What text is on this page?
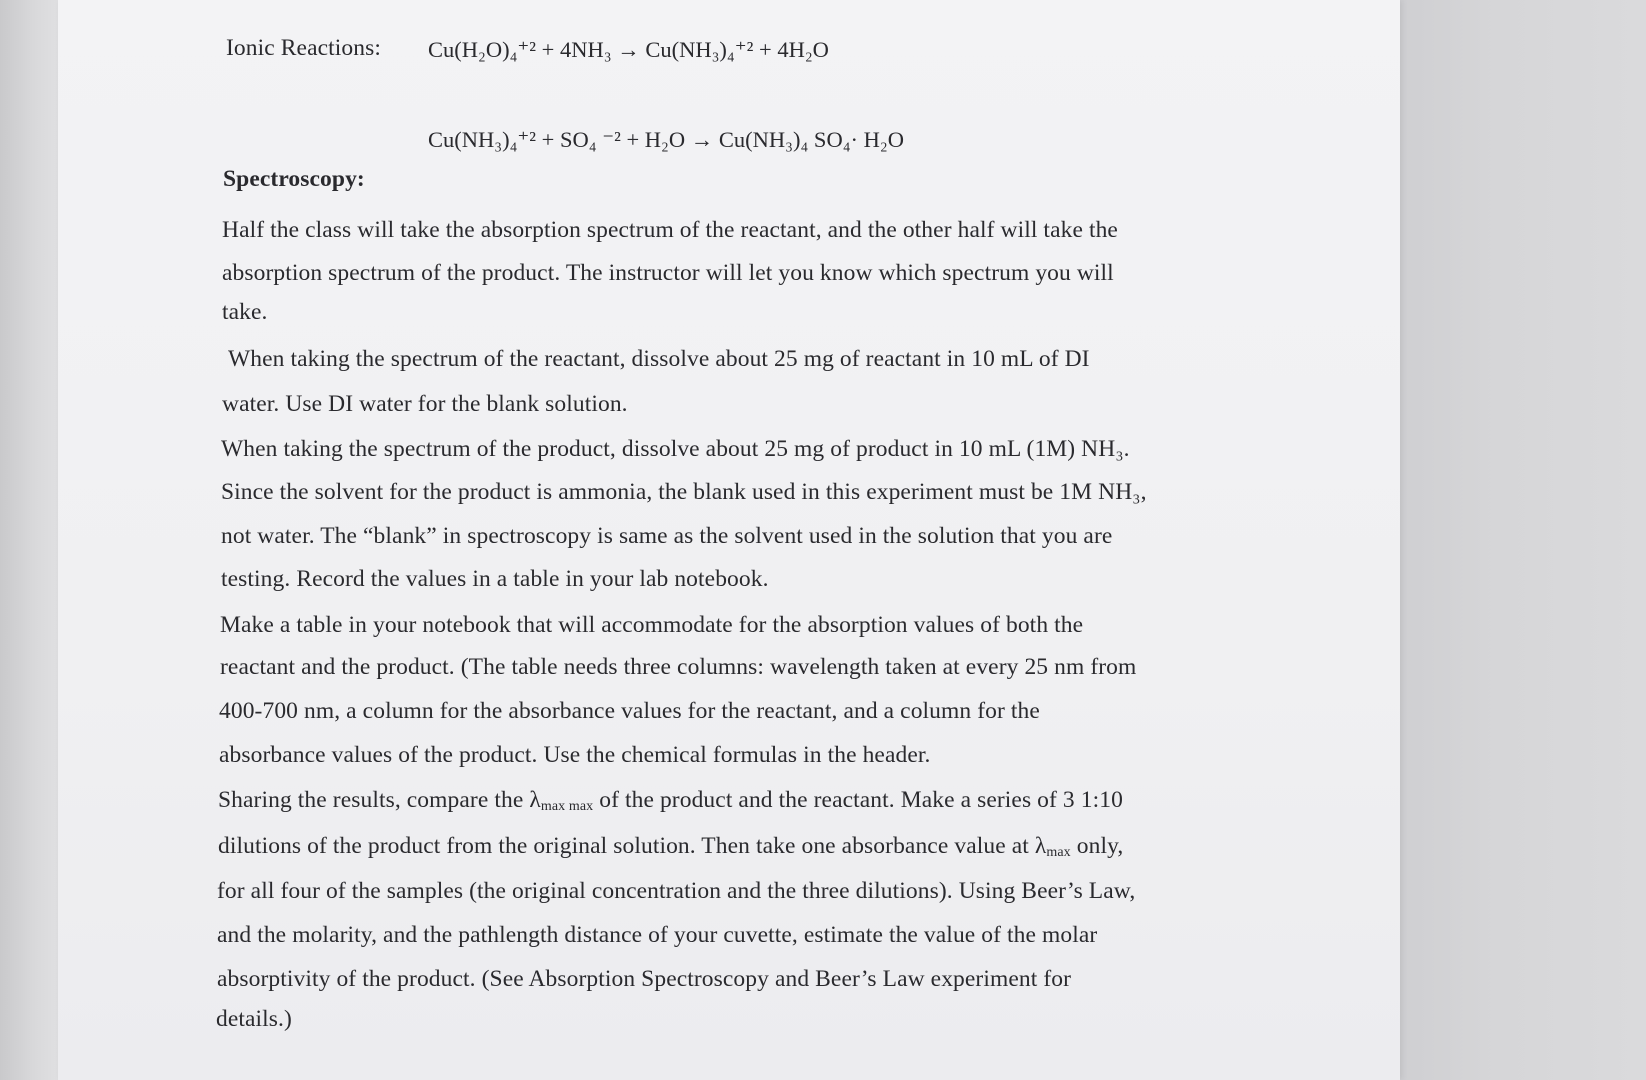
Ionic Reactions: Cu(H₂O)₄⁺² + 4NH₃ → Cu(NH₃)₄⁺² + 4H₂O
Cu(NH₃)₄⁺² + SO₄ ⁻² + H₂O → Cu(NH₃)₄ SO₄· H₂O
Spectroscopy:
Half the class will take the absorption spectrum of the reactant, and the other half will take the
absorption spectrum of the product. The instructor will let you know which spectrum you will
take.
When taking the spectrum of the reactant, dissolve about 25 mg of reactant in 10 mL of DI
water. Use DI water for the blank solution.
When taking the spectrum of the product, dissolve about 25 mg of product in 10 mL (1M) NH₃.
Since the solvent for the product is ammonia, the blank used in this experiment must be 1M NH₃,
not water. The “blank” in spectroscopy is same as the solvent used in the solution that you are
testing. Record the values in a table in your lab notebook.
Make a table in your notebook that will accommodate for the absorption values of both the
reactant and the product. (The table needs three columns: wavelength taken at every 25 nm from
400-700 nm, a column for the absorbance values for the reactant, and a column for the
absorbance values of the product. Use the chemical formulas in the header.
Sharing the results, compare the λmax max of the product and the reactant. Make a series of 3 1:10
dilutions of the product from the original solution. Then take one absorbance value at λmax only,
for all four of the samples (the original concentration and the three dilutions). Using Beer’s Law,
and the molarity, and the pathlength distance of your cuvette, estimate the value of the molar
absorptivity of the product. (See Absorption Spectroscopy and Beer’s Law experiment for
details.)
